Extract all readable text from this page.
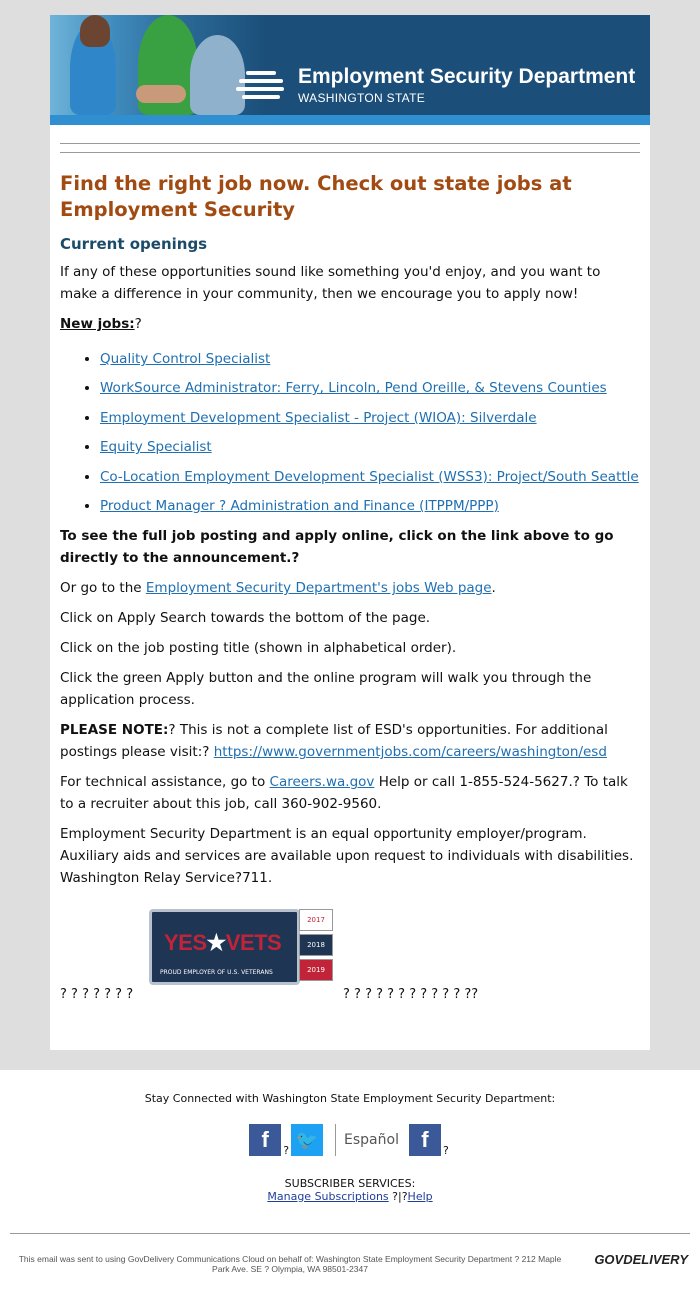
Employment Security Department
WASHINGTON STATE
Find the right job now. Check out state jobs at Employment Security
Current openings

If any of these opportunities sound like something you'd enjoy, and you want to make a difference in your community, then we encourage you to apply now!

New jobs:?

• Quality Control Specialist
• WorkSource Administrator: Ferry, Lincoln, Pend Oreille, & Stevens Counties
• Employment Development Specialist - Project (WIOA): Silverdale
• Equity Specialist
• Co-Location Employment Development Specialist (WSS3): Project/South Seattle
• Product Manager ? Administration and Finance (ITPPM/PPP)

To see the full job posting and apply online, click on the link above to go directly to the announcement.?

Or go to the Employment Security Department's jobs Web page.

Click on Apply Search towards the bottom of the page.

Click on the job posting title (shown in alphabetical order).

Click the green Apply button and the online program will walk you through the application process.

PLEASE NOTE:? This is not a complete list of ESD's opportunities. For additional postings please visit:? https://www.governmentjobs.com/careers/washington/esd

For technical assistance, go to Careers.wa.gov Help or call 1-855-524-5627.? To talk to a recruiter about this job, call 360-902-9560.

Employment Security Department is an equal opportunity employer/program. Auxiliary aids and services are available upon request to individuals with disabilities. Washington Relay Service?711.

? ? ? ? ? ? ?
YES★VETS
PROUD EMPLOYER OF U.S. VETERANS
2017
2018
2019
? ? ? ? ? ? ? ? ? ? ? ??
Stay Connected with Washington State Employment Security Department:
f	?
🐦	Español	f	?
SUBSCRIBER SERVICES:
Manage Subscriptions ?|?Help
This email was sent to using GovDelivery Communications Cloud on behalf of: Washington State Employment Security Department ? 212 Maple Park Ave. SE ? Olympia, WA 98501-2347
GOVDELIVERY
